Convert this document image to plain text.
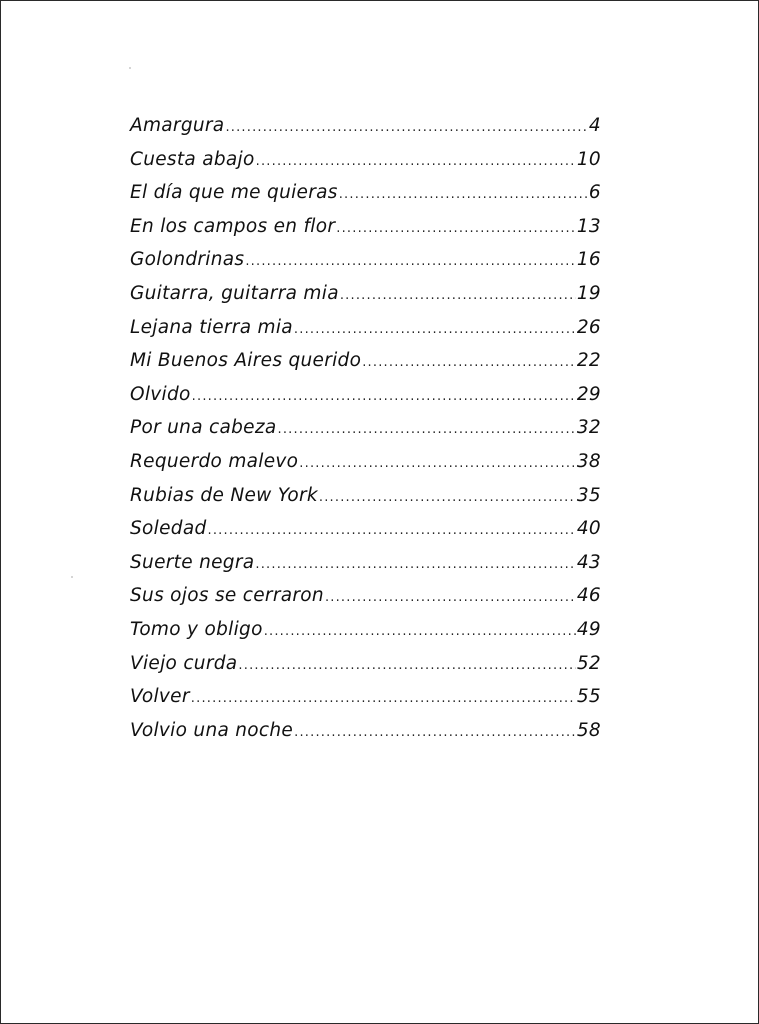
Amargura .....	4
Cuesta abajo .....	10
El día que me quieras .....	6
En los campos en flor .....	13
Golondrinas .....	16
Guitarra, guitarra mia .....	19
Lejana tierra mia .....	26
Mi Buenos Aires querido .....	22
Olvido .....	29
Por una cabeza .....	32
Requerdo malevo .....	38
Rubias de New York .....	35
Soledad .....	40
Suerte negra .....	43
Sus ojos se cerraron .....	46
Tomo y obligo .....	49
Viejo curda .....	52
Volver .....	55
Volvio una noche .....	58
